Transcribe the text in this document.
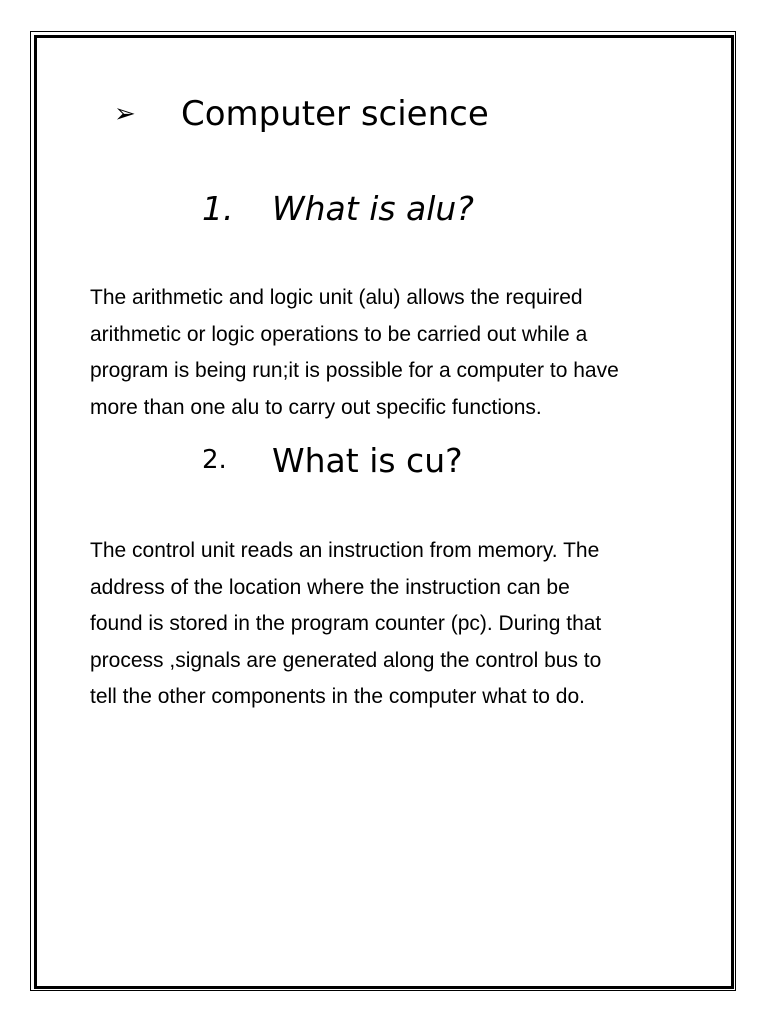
➢	Computer science
1.	What is alu?

The arithmetic and logic unit (alu) allows the required
arithmetic or logic operations to be carried out while a
program is being run;it is possible for a computer to have
more than one alu to carry out specific functions.

2.	What is cu?

The control unit reads an instruction from memory. The
address of the location where the instruction can be
found is stored in the program counter (pc). During that
process ,signals are generated along the control bus to
tell the other components in the computer what to do.
